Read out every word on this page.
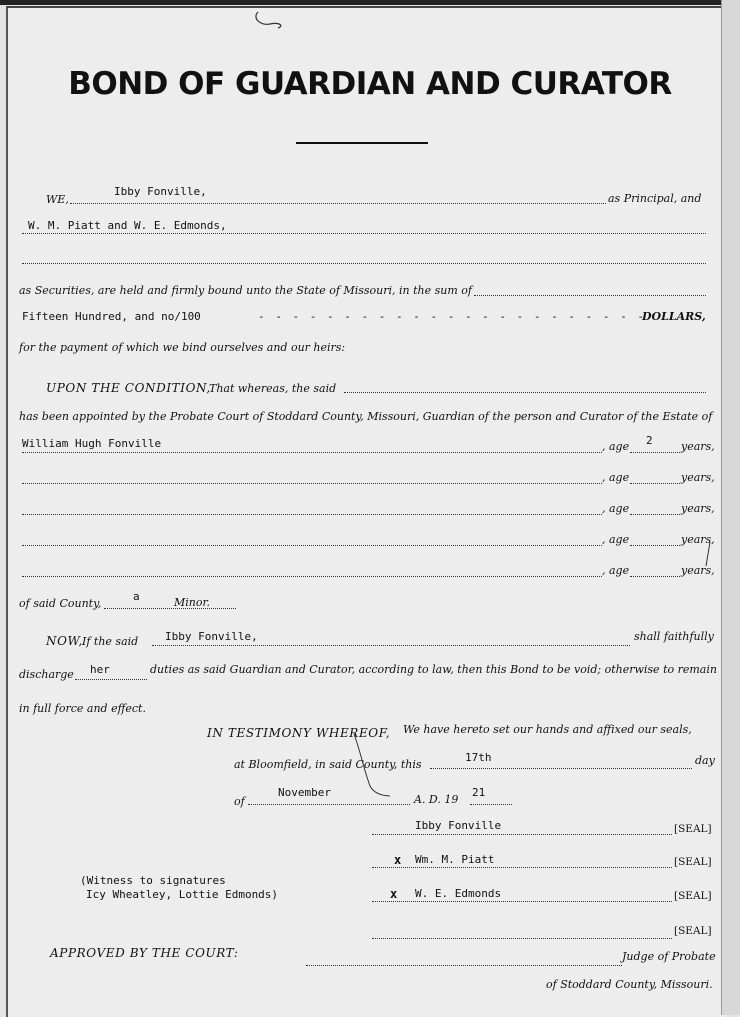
BOND OF GUARDIAN AND CURATOR
WE,
Ibby Fonville,
as Principal, and
W. M. Piatt and W. E. Edmonds,
as Securities, are held and firmly bound unto the State of Missouri, in the sum of
Fifteen Hundred, and no/100	- - - - - - - - - - - - - - - - - - - - - - -
DOLLARS,
for the payment of which we bind ourselves and our heirs:
UPON THE CONDITION,
That whereas, the said
has been appointed by the Probate Court of Stoddard County, Missouri, Guardian of the person and Curator of the Estate of
William Hugh Fonville	, age 2	years,
, age	years,
, age	years,
, age	years,
, age	years,
of said County,
a	Minor.
NOW, If the said Ibby Fonville,	shall faithfully
discharge her	duties as said Guardian and Curator, according to law, then this Bond to be void; otherwise to remain
in full force and effect.
IN TESTIMONY WHEREOF, We have hereto set our hands and affixed our seals,
at Bloomfield, in said County, this
17th	day
of
November
A. D. 19
21
Ibby Fonville	[SEAL]
x Wm. M. Piatt	[SEAL]
x W. E. Edmonds	[SEAL]
[SEAL]
(Witness to signatures
Icy Wheatley, Lottie Edmonds)
APPROVED BY THE COURT:	Judge of Probate
of Stoddard County, Missouri.
